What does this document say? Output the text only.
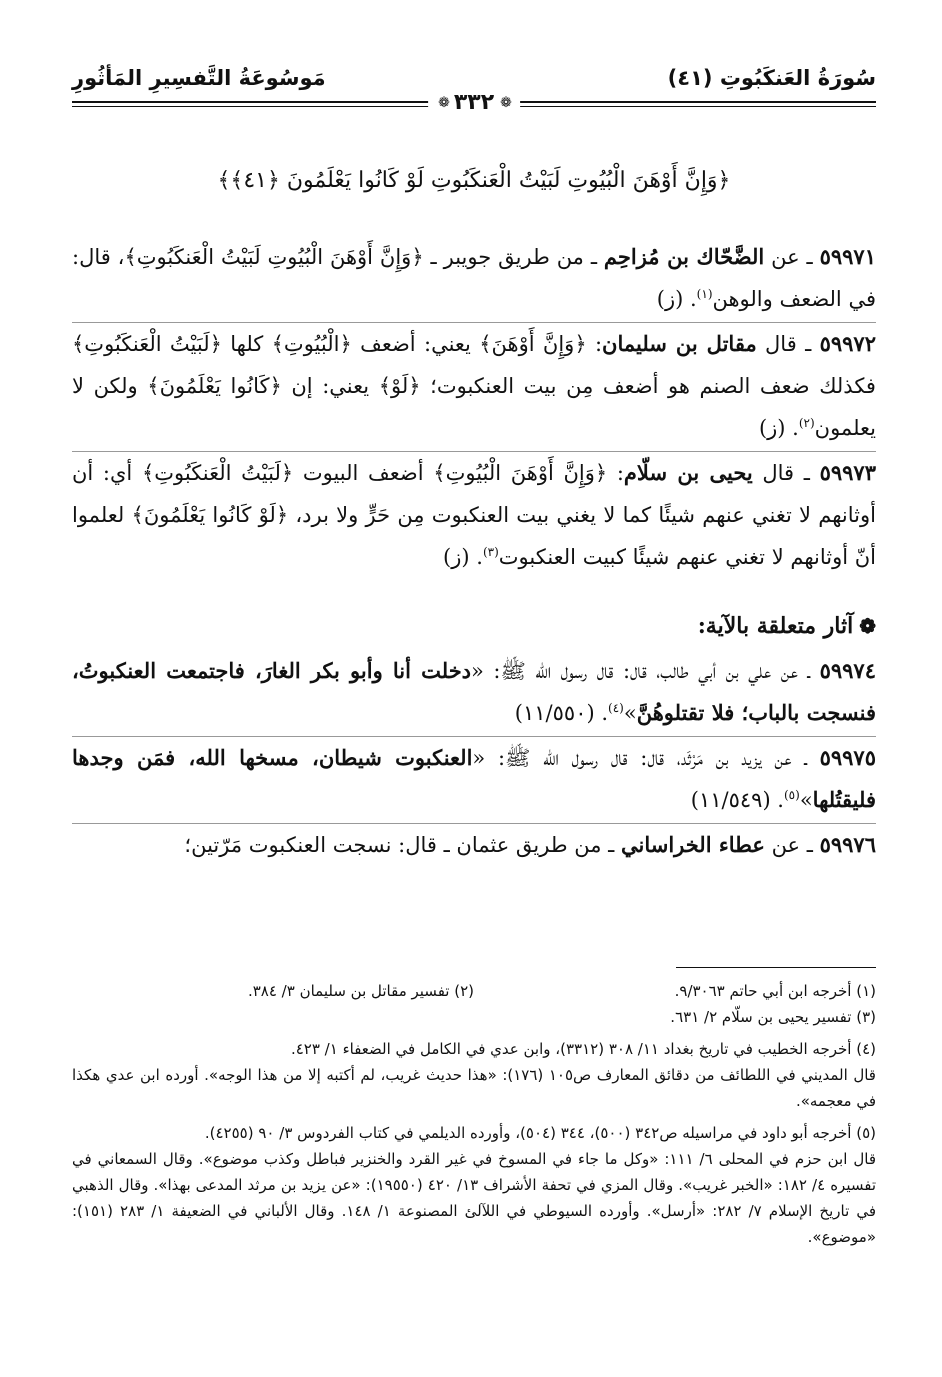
سُورَةُ العَنكَبُوتِ (٤١)
مَوسُوعَةُ التَّفسِيرِ المَأثُورِ
❁
٣٣٢
❁
﴿وَإِنَّ أَوْهَنَ الْبُيُوتِ لَبَيْتُ الْعَنكَبُوتِ لَوْ كَانُوا يَعْلَمُونَ ﴿٤١﴾﴾
٥٩٩٧١ ـ عن الضَّحّاك بن مُزاحِم ـ من طريق جويبر ـ ﴿وَإِنَّ أَوْهَنَ الْبُيُوتِ لَبَيْتُ الْعَنكَبُوتِ﴾، قال: في الضعف والوهن$^{(١)}$. (ز)
٥٩٩٧٢ ـ قال مقاتل بن سليمان: ﴿وَإِنَّ أَوْهَنَ﴾ يعني: أضعف ﴿الْبُيُوتِ﴾ كلها ﴿لَبَيْتُ الْعَنكَبُوتِ﴾ فكذلك ضعف الصنم هو أضعف مِن بيت العنكبوت؛ ﴿لَوْ﴾ يعني: إن ﴿كَانُوا يَعْلَمُونَ﴾ ولكن لا يعلمون$^{(٢)}$. (ز)
٥٩٩٧٣ ـ قال يحيى بن سلّام: ﴿وَإِنَّ أَوْهَنَ الْبُيُوتِ﴾ أضعف البيوت ﴿لَبَيْتُ الْعَنكَبُوتِ﴾ أي: أن أوثانهم لا تغني عنهم شيئًا كما لا يغني بيت العنكبوت مِن حَرٍّ ولا برد، ﴿لَوْ كَانُوا يَعْلَمُونَ﴾ لعلموا أنّ أوثانهم لا تغني عنهم شيئًا كبيت العنكبوت$^{(٣)}$. (ز)
❁آثار متعلقة بالآية:
٥٩٩٧٤ ـ عن علي بن أبي طالب، قال: قال رسول الله ﷺ: «دخلت أنا وأبو بكر الغارَ، فاجتمعت العنكبوتُ، فنسجت بالباب؛ فلا تقتلوهُنَّ»$^{(٤)}$. (١١/٥٥٠)
٥٩٩٧٥ ـ عن يزيد بن مَرْثَد، قال: قال رسول الله ﷺ: «العنكبوت شيطان، مسخها الله، فمَن وجدها فليقتُلها»$^{(٥)}$. (١١/٥٤٩)
٥٩٩٧٦ ـ عن عطاء الخراساني ـ من طريق عثمان ـ قال: نسجت العنكبوت مَرّتين؛
(١) أخرجه ابن أبي حاتم ٩/٣٠٦٣.
(٢) تفسير مقاتل بن سليمان ٣/ ٣٨٤.
(٣) تفسير يحيى بن سلّام ٢/ ٦٣١.
(٤) أخرجه الخطيب في تاريخ بغداد ١١/ ٣٠٨ (٣٣١٢)، وابن عدي في الكامل في الضعفاء ١/ ٤٢٣.
قال المديني في اللطائف من دقائق المعارف ص١٠٥ (١٧٦): «هذا حديث غريب، لم أكتبه إلا من هذا الوجه». أورده ابن عدي هكذا في معجمه».
(٥) أخرجه أبو داود في مراسيله ص٣٤٢ (٥٠٠)، ٣٤٤ (٥٠٤)، وأورده الديلمي في كتاب الفردوس ٣/ ٩٠ (٤٢٥٥).
قال ابن حزم في المحلى ٦/ ١١١: «وكل ما جاء في المسوخ في غير القرد والخنزير فباطل وكذب موضوع». وقال السمعاني في تفسيره ٤/ ١٨٢: «الخبر غريب». وقال المزي في تحفة الأشراف ١٣/ ٤٢٠ (١٩٥٥٠): «عن يزيد بن مرثد المدعى بهذا». وقال الذهبي في تاريخ الإسلام ٧/ ٢٨٢: «أرسل». وأورده السيوطي في اللآلئ المصنوعة ١/ ١٤٨. وقال الألباني في الضعيفة ١/ ٢٨٣ (١٥١): «موضوع».
